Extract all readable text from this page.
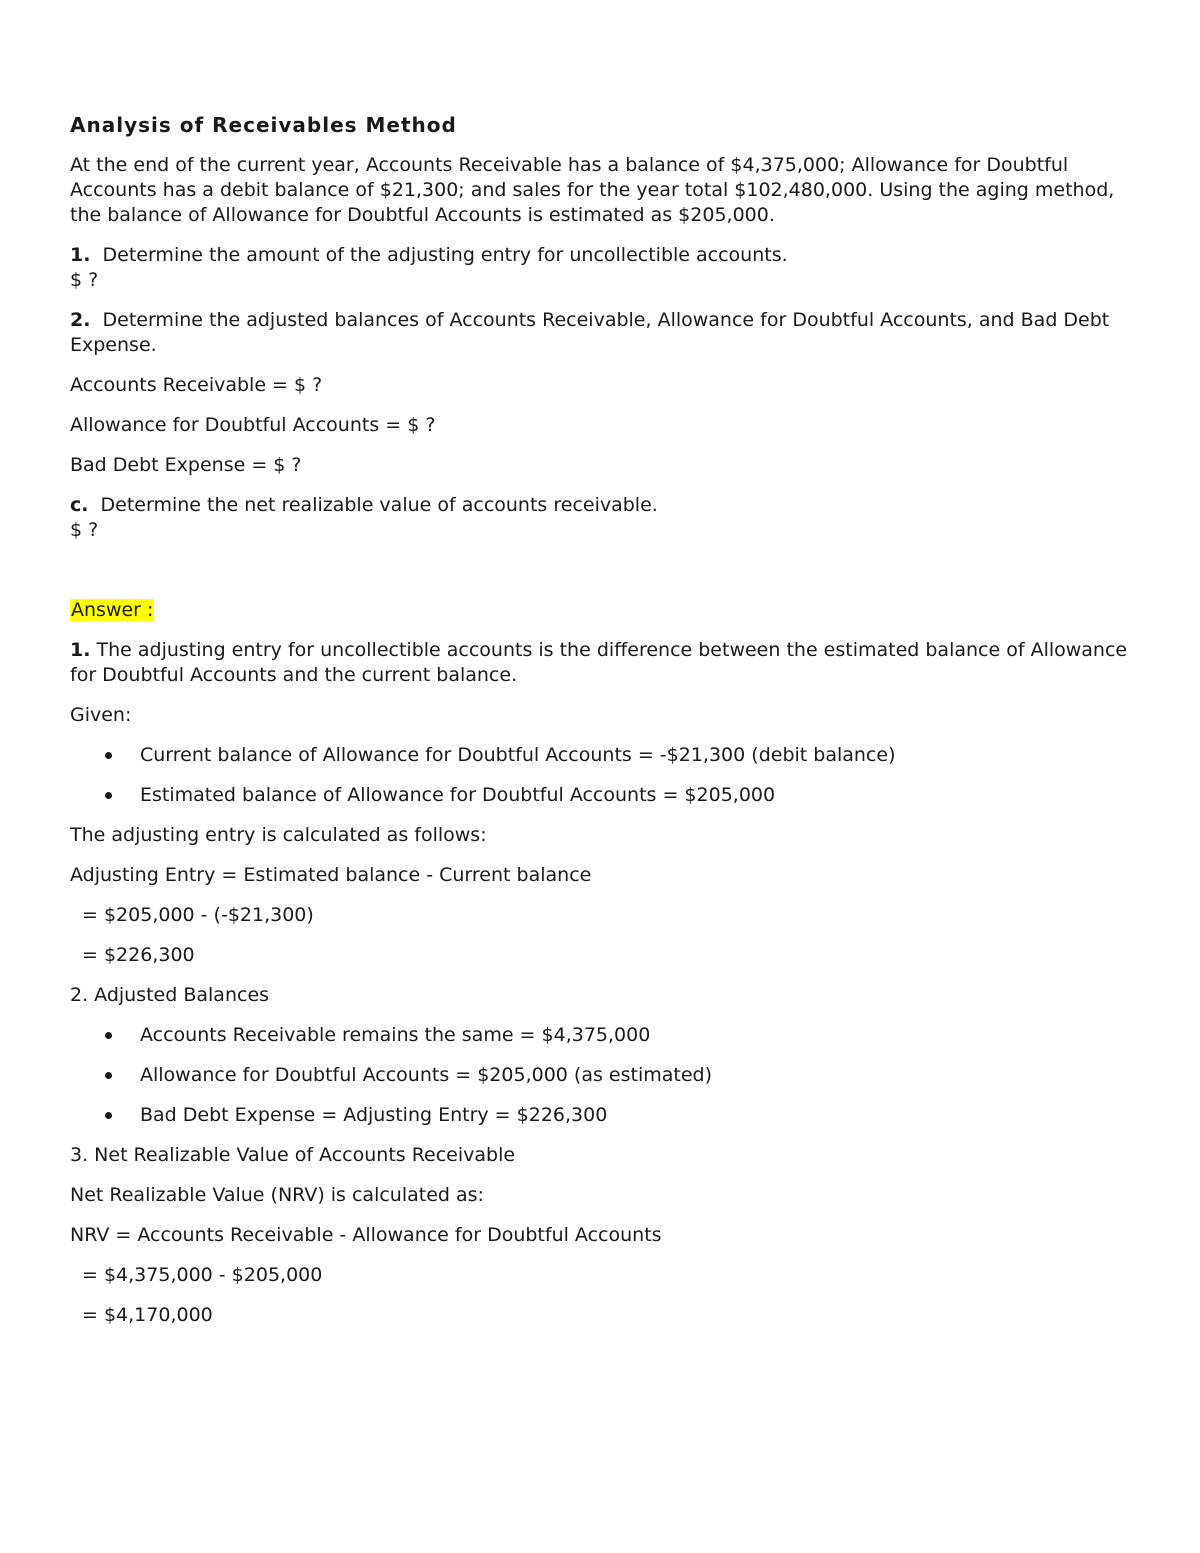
Analysis of Receivables Method

At the end of the current year, Accounts Receivable has a balance of $4,375,000; Allowance for Doubtful Accounts has a debit balance of $21,300; and sales for the year total $102,480,000. Using the aging method, the balance of Allowance for Doubtful Accounts is estimated as $205,000.

1. Determine the amount of the adjusting entry for uncollectible accounts.
$ ?

2. Determine the adjusted balances of Accounts Receivable, Allowance for Doubtful Accounts, and Bad Debt Expense.

Accounts Receivable = $ ?

Allowance for Doubtful Accounts = $ ?

Bad Debt Expense = $ ?

c. Determine the net realizable value of accounts receivable.
$ ?

Answer :

1. The adjusting entry for uncollectible accounts is the difference between the estimated balance of Allowance for Doubtful Accounts and the current balance.

Given:

Current balance of Allowance for Doubtful Accounts = -$21,300 (debit balance)
Estimated balance of Allowance for Doubtful Accounts = $205,000

The adjusting entry is calculated as follows:

Adjusting Entry = Estimated balance - Current balance

= $205,000 - (-$21,300)

= $226,300

2. Adjusted Balances

Accounts Receivable remains the same = $4,375,000
Allowance for Doubtful Accounts = $205,000 (as estimated)
Bad Debt Expense = Adjusting Entry = $226,300

3. Net Realizable Value of Accounts Receivable

Net Realizable Value (NRV) is calculated as:

NRV = Accounts Receivable - Allowance for Doubtful Accounts

= $4,375,000 - $205,000

= $4,170,000
